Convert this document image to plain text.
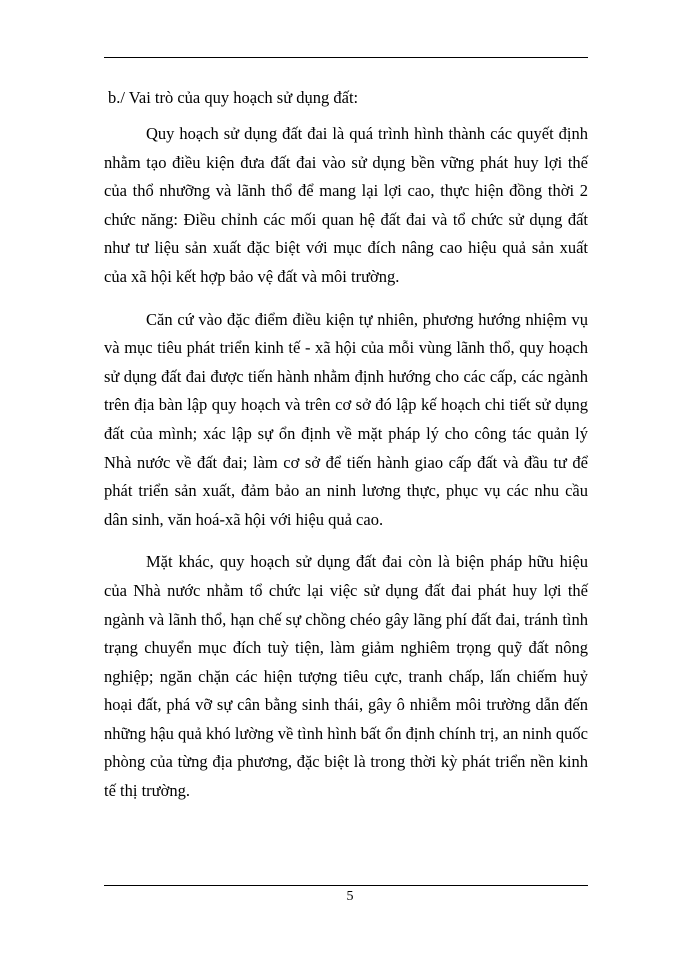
b./ Vai trò của quy hoạch sử dụng đất:

Quy hoạch sử dụng đất đai là quá trình hình thành các quyết định nhằm tạo điều kiện đưa đất đai vào sử dụng bền vững phát huy lợi thế của thổ nhưỡng và lãnh thổ để mang lại lợi cao, thực hiện đồng thời 2 chức năng: Điều chỉnh các mối quan hệ đất đai và tổ chức sử dụng đất như tư liệu sản xuất đặc biệt với mục đích nâng cao hiệu quả sản xuất của xã hội kết hợp bảo vệ đất và môi trường.

Căn cứ vào đặc điểm điều kiện tự nhiên, phương hướng nhiệm vụ và mục tiêu phát triển kinh tế - xã hội của mỗi vùng lãnh thổ, quy hoạch sử dụng đất đai được tiến hành nhằm định hướng cho các cấp, các ngành trên địa bàn lập quy hoạch và trên cơ sở đó lập kế hoạch chi tiết sử dụng đất của mình; xác lập sự ổn định về mặt pháp lý cho công tác quản lý Nhà nước về đất đai; làm cơ sở để tiến hành giao cấp đất và đầu tư để phát triển sản xuất, đảm bảo an ninh lương thực, phục vụ các nhu cầu dân sinh, văn hoá-xã hội với hiệu quả cao.

Mặt khác, quy hoạch sử dụng đất đai còn là biện pháp hữu hiệu của Nhà nước nhằm tổ chức lại việc sử dụng đất đai phát huy lợi thế ngành và lãnh thổ, hạn chế sự chồng chéo gây lãng phí đất đai, tránh tình trạng chuyển mục đích tuỳ tiện, làm giảm nghiêm trọng quỹ đất nông nghiệp; ngăn chặn các hiện tượng tiêu cực, tranh chấp, lấn chiếm huỷ hoại đất, phá vỡ sự cân bằng sinh thái, gây ô nhiễm môi trường dẫn đến những hậu quả khó lường về tình hình bất ổn định chính trị, an ninh quốc phòng của từng địa phương, đặc biệt là trong thời kỳ phát triển nền kinh tế thị trường.

5
